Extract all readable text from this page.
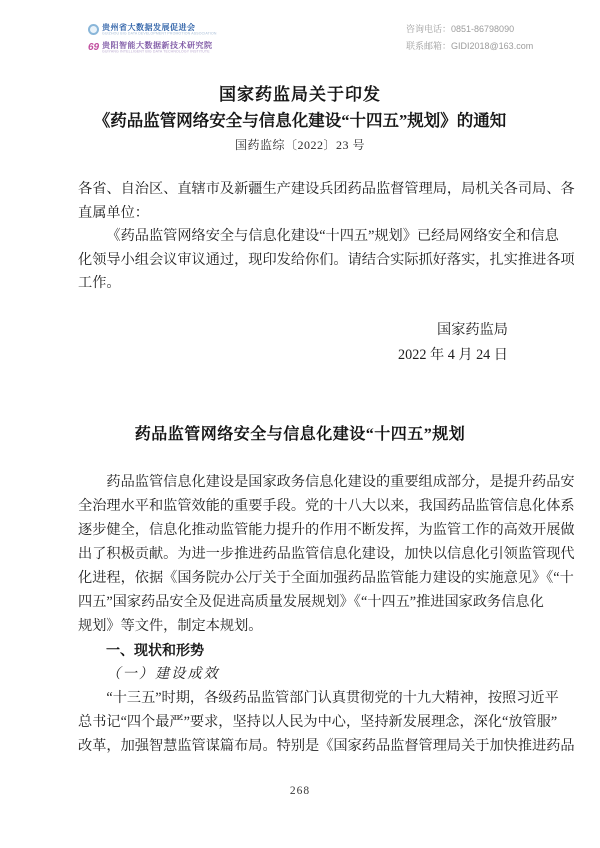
贵州省大数据发展促进会
GUIZHOU BIG DATA DEVELOPMENT PROMOTION ASSOCIATION
69 贵阳智能大数据新技术研究院
GUIYANG INTELLIGENT BIG DATA TECHNOLOGY INSTITUTE
咨询电话：0851-86798090
联系邮箱：GIDI2018@163.com
国家药监局关于印发
《药品监管网络安全与信息化建设“十四五”规划》的通知
国药监综〔2022〕23 号
各省、自治区、直辖市及新疆生产建设兵团药品监督管理局，局机关各司局、各
直属单位：
《药品监管网络安全与信息化建设“十四五”规划》已经局网络安全和信息
化领导小组会议审议通过，现印发给你们。请结合实际抓好落实，扎实推进各项
工作。
国家药监局
2022 年 4 月 24 日
药品监管网络安全与信息化建设“十四五”规划
药品监管信息化建设是国家政务信息化建设的重要组成部分，是提升药品安
全治理水平和监管效能的重要手段。党的十八大以来，我国药品监管信息化体系
逐步健全，信息化推动监管能力提升的作用不断发挥，为监管工作的高效开展做
出了积极贡献。为进一步推进药品监管信息化建设，加快以信息化引领监管现代
化进程，依据《国务院办公厅关于全面加强药品监管能力建设的实施意见》《“十
四五”国家药品安全及促进高质量发展规划》《“十四五”推进国家政务信息化
规划》等文件，制定本规划。
一、现状和形势
（一）建设成效
“十三五”时期，各级药品监管部门认真贯彻党的十九大精神，按照习近平
总书记“四个最严”要求，坚持以人民为中心，坚持新发展理念，深化“放管服”
改革，加强智慧监管谋篇布局。特别是《国家药品监督管理局关于加快推进药品
268
